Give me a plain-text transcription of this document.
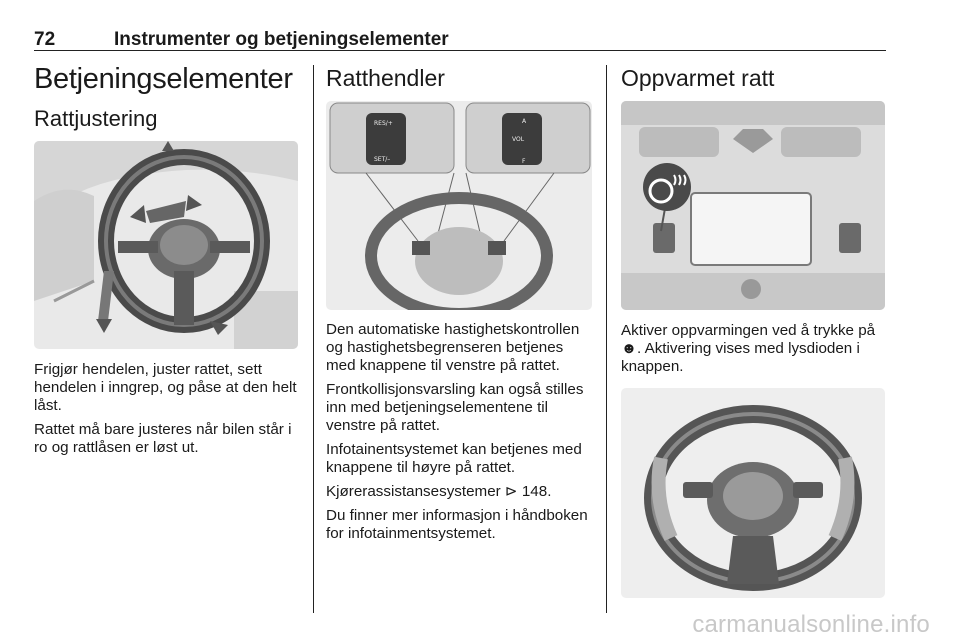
72	Instrumenter og betjeningselementer
Betjeningselementer
Rattjustering

Frigjør hendelen, juster rattet, sett hendelen i inngrep, og påse at den helt låst.

Rattet må bare justeres når bilen står i ro og rattlåsen er løst ut.

Ratthendler
RES/+
SET/–
VOL
A
F

Den automatiske hastighetskontrollen og hastighetsbegrenseren betjenes med knappene til venstre på rattet.

Frontkollisjonsvarsling kan også stilles inn med betjeningselementene til venstre på rattet.

Infotainentsystemet kan betjenes med knappene til høyre på rattet.

Kjørerassistansesystemer ⊳ 148.

Du finner mer informasjon i håndboken for infotainmentsystemet.

Oppvarmet ratt

Aktiver oppvarmingen ved å trykke på ☻. Aktivering vises med lysdioden i knappen.

carmanualsonline.info
